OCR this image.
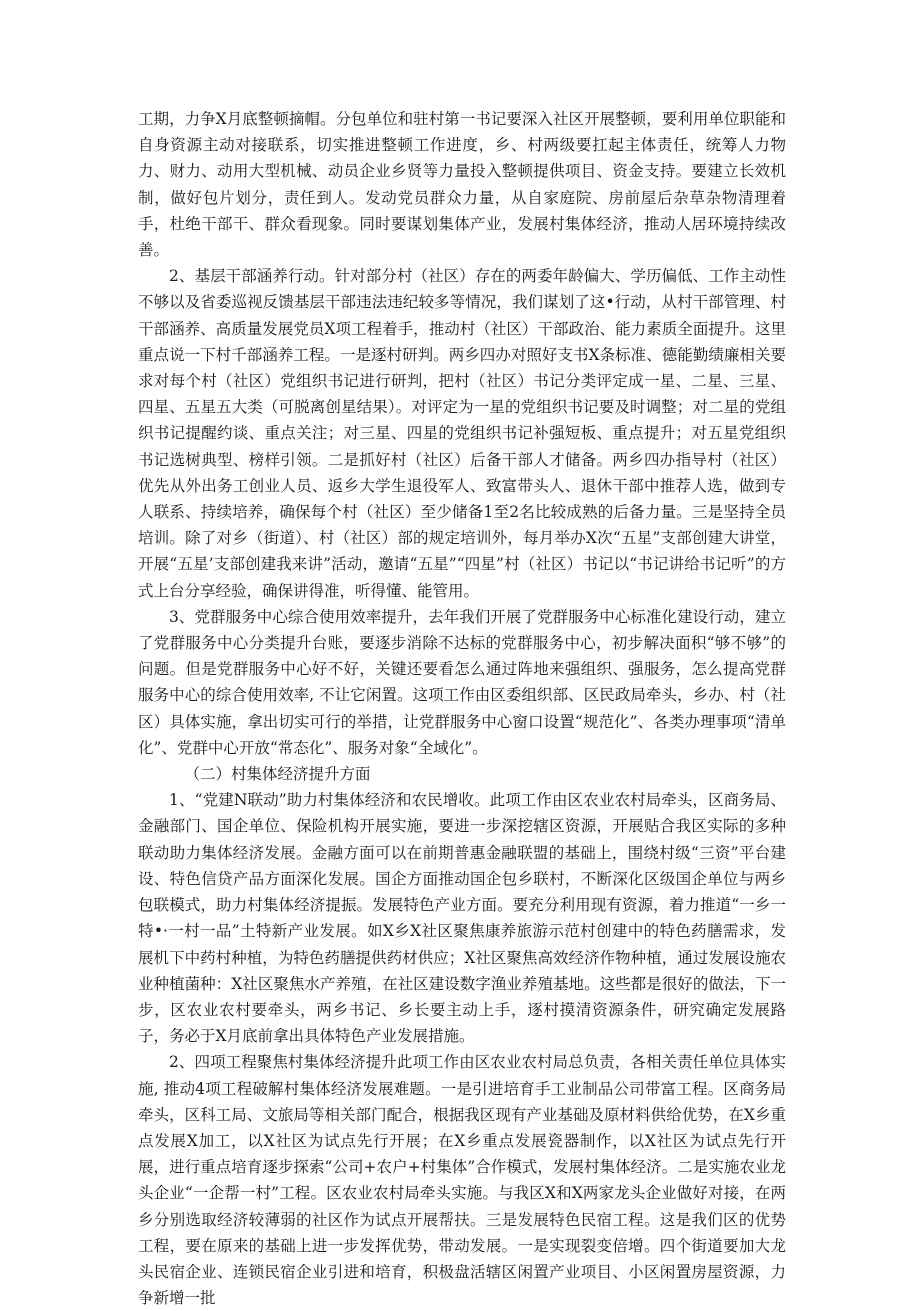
工期，力争X月底整顿摘帽。分包单位和驻村第一书记要深入社区开展整顿，要利用单位职能和自身资源主动对接联系，切实推进整顿工作进度，乡、村两级要扛起主体责任，统筹人力物力、财力、动用大型机械、动员企业乡贤等力量投入整顿提供项目、资金支持。要建立长效机制，做好包片划分，责任到人。发动党员群众力量，从自家庭院、房前屋后杂草杂物清理着手，杜绝干部干、群众看现象。同时要谋划集体产业，发展村集体经济，推动人居环境持续改善。

2、基层干部涵养行动。针对部分村（社区）存在的两委年龄偏大、学历偏低、工作主动性不够以及省委巡视反馈基层干部违法违纪较多等情况，我们谋划了这•行动，从村干部管理、村干部涵养、高质量发展党员X项工程着手，推动村（社区）干部政治、能力素质全面提升。这里重点说一下村千部涵养工程。一是逐村研判。两乡四办对照好支书X条标准、德能勤绩廉相关要求对每个村（社区）党组织书记进行研判，把村（社区）书记分类评定成一星、二星、三星、四星、五星五大类（可脱离创星结果）。对评定为一星的党组织书记要及时调整；对二星的党组织书记提醒约谈、重点关注；对三星、四星的党组织书记补强短板、重点提升；对五星党组织书记选树典型、榜样引领。二是抓好村（社区）后备干部人才储备。两乡四办指导村（社区）优先从外出务工创业人员、返乡大学生退役军人、致富带头人、退休干部中推荐人选，做到专人联系、持续培养，确保每个村（社区）至少储备1至2名比较成熟的后备力量。三是坚持全员培训。除了对乡（街道）、村（社区）部的规定培训外，每月举办X次“五星”支部创建大讲堂，开展“五星’支部创建我来讲”活动，邀请“五星”“四星”村（社区）书记以“书记讲给书记听”的方式上台分享经验，确保讲得准，听得懂、能管用。

3、党群服务中心综合使用效率提升，去年我们开展了党群服务中心标准化建设行动，建立了党群服务中心分类提升台账，要逐步消除不达标的党群服务中心，初步解决面积“够不够”的问题。但是党群服务中心好不好，关键还要看怎么通过阵地来强组织、强服务，怎么提高党群服务中心的综合使用效率, 不让它闲置。这项工作由区委组织部、区民政局牵头，乡办、村（社区）具体实施，拿出切实可行的举措，让党群服务中心窗口设置“规范化”、各类办理事项“清单化”、党群中心开放“常态化”、服务对象“全域化”。

（二）村集体经济提升方面

1、“党建N联动”助力村集体经济和农民增收。此项工作由区农业农村局牵头，区商务局、金融部门、国企单位、保险机构开展实施，要进一步深挖辖区资源，开展贴合我区实际的多种联动助力集体经济发展。金融方面可以在前期普惠金融联盟的基础上，围绕村级“三资”平台建设、特色信贷产品方面深化发展。国企方面推动国企包乡联村，不断深化区级国企单位与两乡包联模式，助力村集体经济提振。发展特色产业方面。要充分利用现有资源，着力推道“一乡一特•·一村一品”土特新产业发展。如X乡X社区聚焦康养旅游示范村创建中的特色药膳需求，发展机下中药村种植，为特色药膳提供药材供应；X社区聚焦高效经济作物种植，通过发展设施农业种植菌种：X社区聚焦水产养殖，在社区建设数字渔业养殖基地。这些都是很好的做法，下一步，区农业农村要牵头，两乡书记、乡长要主动上手，逐村摸清资源条件，研究确定发展路子，务必于X月底前拿出具体特色产业发展措施。

2、四项工程聚焦村集体经济提升此项工作由区农业农村局总负责，各相关责任单位具体实施, 推动4项工程破解村集体经济发展难题。一是引进培育手工业制品公司带富工程。区商务局牵头，区科工局、文旅局等相关部门配合，根据我区现有产业基础及原材料供给优势，在X乡重点发展X加工，以X社区为试点先行开展；在X乡重点发展瓷器制作，以X社区为试点先行开展，进行重点培育逐步探索“公司+农户+村集体”合作模式，发展村集体经济。二是实施农业龙头企业“一企帮一村”工程。区农业农村局牵头实施。与我区X和X两家龙头企业做好对接，在两乡分别选取经济较薄弱的社区作为试点开展帮扶。三是发展特色民宿工程。这是我们区的优势工程，要在原来的基础上进一步发挥优势，带动发展。一是实现裂变倍增。四个街道要加大龙头民宿企业、连锁民宿企业引进和培育，积极盘活辖区闲置产业项目、小区闲置房屋资源，力争新增一批
